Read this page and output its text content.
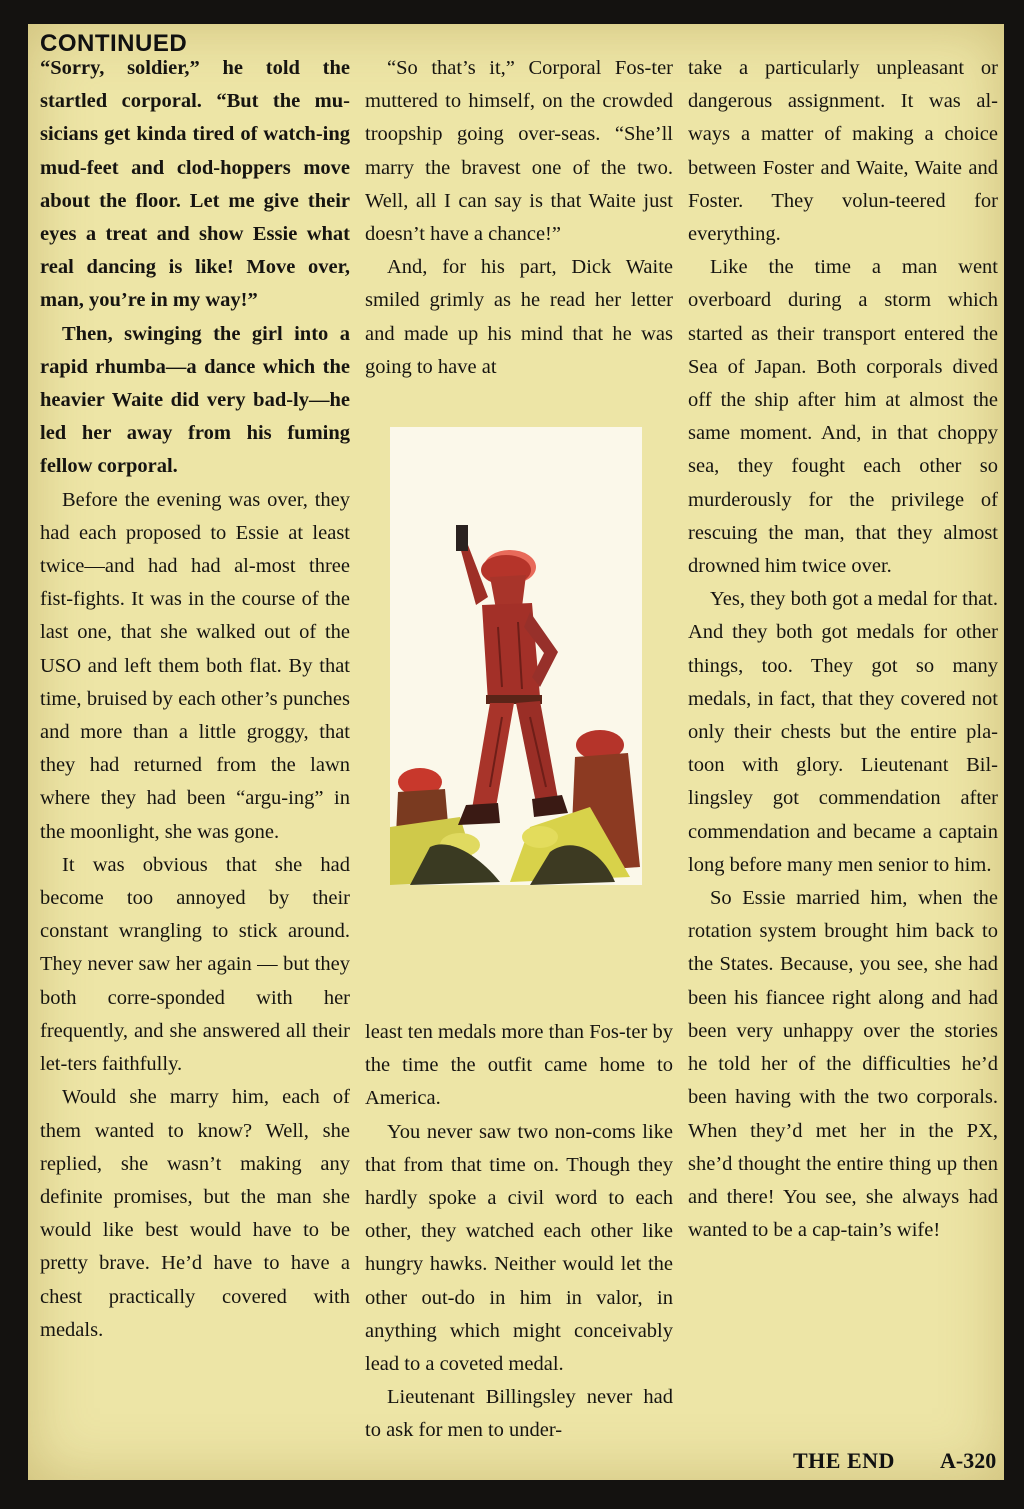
CONTINUED

“Sorry, soldier,” he told the startled corporal. “But the mu-sicians get kinda tired of watch-ing mud-feet and clod-hoppers move about the floor. Let me give their eyes a treat and show Essie what real dancing is like! Move over, man, you’re in my way!”

Then, swinging the girl into a rapid rhumba—a dance which the heavier Waite did very bad-ly—he led her away from his fuming fellow corporal.

Before the evening was over, they had each proposed to Essie at least twice—and had had al-most three fist-fights. It was in the course of the last one, that she walked out of the USO and left them both flat. By that time, bruised by each other’s punches and more than a little groggy, that they had returned from the lawn where they had been “argu-ing” in the moonlight, she was gone.

It was obvious that she had become too annoyed by their constant wrangling to stick around. They never saw her again — but they both corre-sponded with her frequently, and she answered all their let-ters faithfully.

Would she marry him, each of them wanted to know? Well, she replied, she wasn’t making any definite promises, but the man she would like best would have to be pretty brave. He’d have to have a chest practically covered with medals.

“So that’s it,” Corporal Fos-ter muttered to himself, on the crowded troopship going over-seas. “She’ll marry the bravest one of the two. Well, all I can say is that Waite just doesn’t have a chance!”

And, for his part, Dick Waite smiled grimly as he read her letter and made up his mind that he was going to have at

least ten medals more than Fos-ter by the time the outfit came home to America.

You never saw two non-coms like that from that time on. Though they hardly spoke a civil word to each other, they watched each other like hungry hawks. Neither would let the other out-do in him in valor, in anything which might conceivably lead to a coveted medal.

Lieutenant Billingsley never had to ask for men to under-

take a particularly unpleasant or dangerous assignment. It was al-ways a matter of making a choice between Foster and Waite, Waite and Foster. They volun-teered for everything.

Like the time a man went overboard during a storm which started as their transport entered the Sea of Japan. Both corporals dived off the ship after him at almost the same moment. And, in that choppy sea, they fought each other so murderously for the privilege of rescuing the man, that they almost drowned him twice over.

Yes, they both got a medal for that. And they both got medals for other things, too. They got so many medals, in fact, that they covered not only their chests but the entire pla-toon with glory. Lieutenant Bil-lingsley got commendation after commendation and became a captain long before many men senior to him.

So Essie married him, when the rotation system brought him back to the States. Because, you see, she had been his fiancee right along and had been very unhappy over the stories he told her of the difficulties he’d been having with the two corporals. When they’d met her in the PX, she’d thought the entire thing up then and there! You see, she always had wanted to be a cap-tain’s wife!

THE END A-320
